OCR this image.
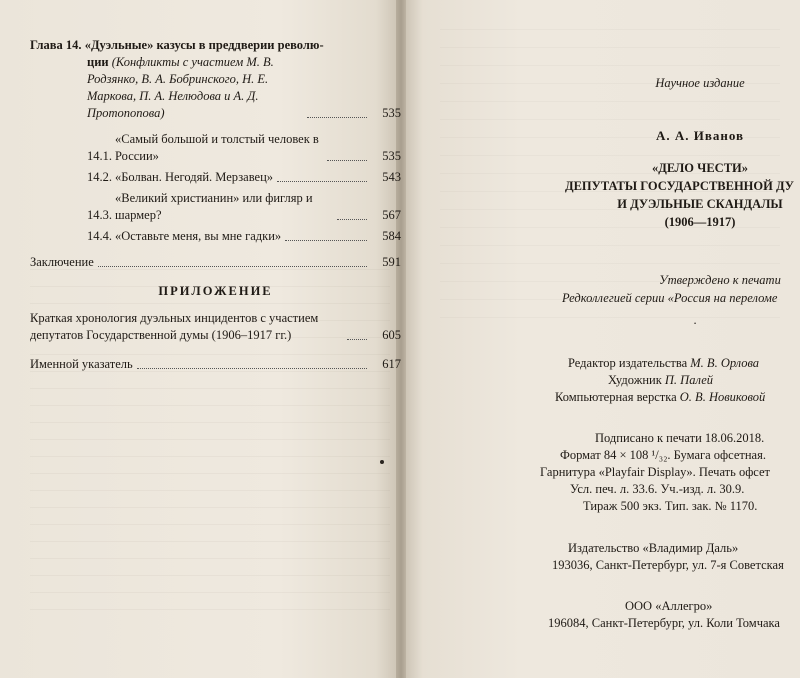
Глава 14. «Дуэльные» казусы в преддверии револю-
ции (Конфликты с участием М. В. Родзянко, В. А. Бобринского, Н. Е. Маркова, П. А. Нелюдова и А. Д. Протопопова)	535
14.1.
«Самый большой и толстый человек в России»	535
14.2. «Болван. Негодяй. Мерзавец»	543
14.3.
«Великий христианин» или фигляр и шармер?	567
14.4. «Оставьте меня, вы мне гадки»	584
Заключение	591
ПРИЛОЖЕНИЕ
Краткая хронология дуэльных инцидентов с участием депутатов Государственной думы (1906–1917 гг.)	605
Именной указатель	617
Научное издание
А. А. Иванов
«ДЕЛО ЧЕСТИ»
ДЕПУТАТЫ ГОСУДАРСТВЕННОЙ ДУ
И ДУЭЛЬНЫЕ СКАНДАЛЫ
(1906—1917)
Утверждено к печати
Редколлегией серии «Россия на переломе
.
Редактор издательства М. В. Орлова
Художник П. Палей
Компьютерная верстка О. В. Новиковой
Подписано к печати 18.06.2018.
Формат 84 × 108 ¹/₃₂. Бумага офсетная.
Гарнитура «Playfair Display». Печать офсет
Усл. печ. л. 33.6. Уч.-изд. л. 30.9.
Тираж 500 экз. Тип. зак. № 1170.
Издательство «Владимир Даль»
193036, Санкт-Петербург, ул. 7-я Советская
ООО «Аллегро»
196084, Санкт-Петербург, ул. Коли Томчака
